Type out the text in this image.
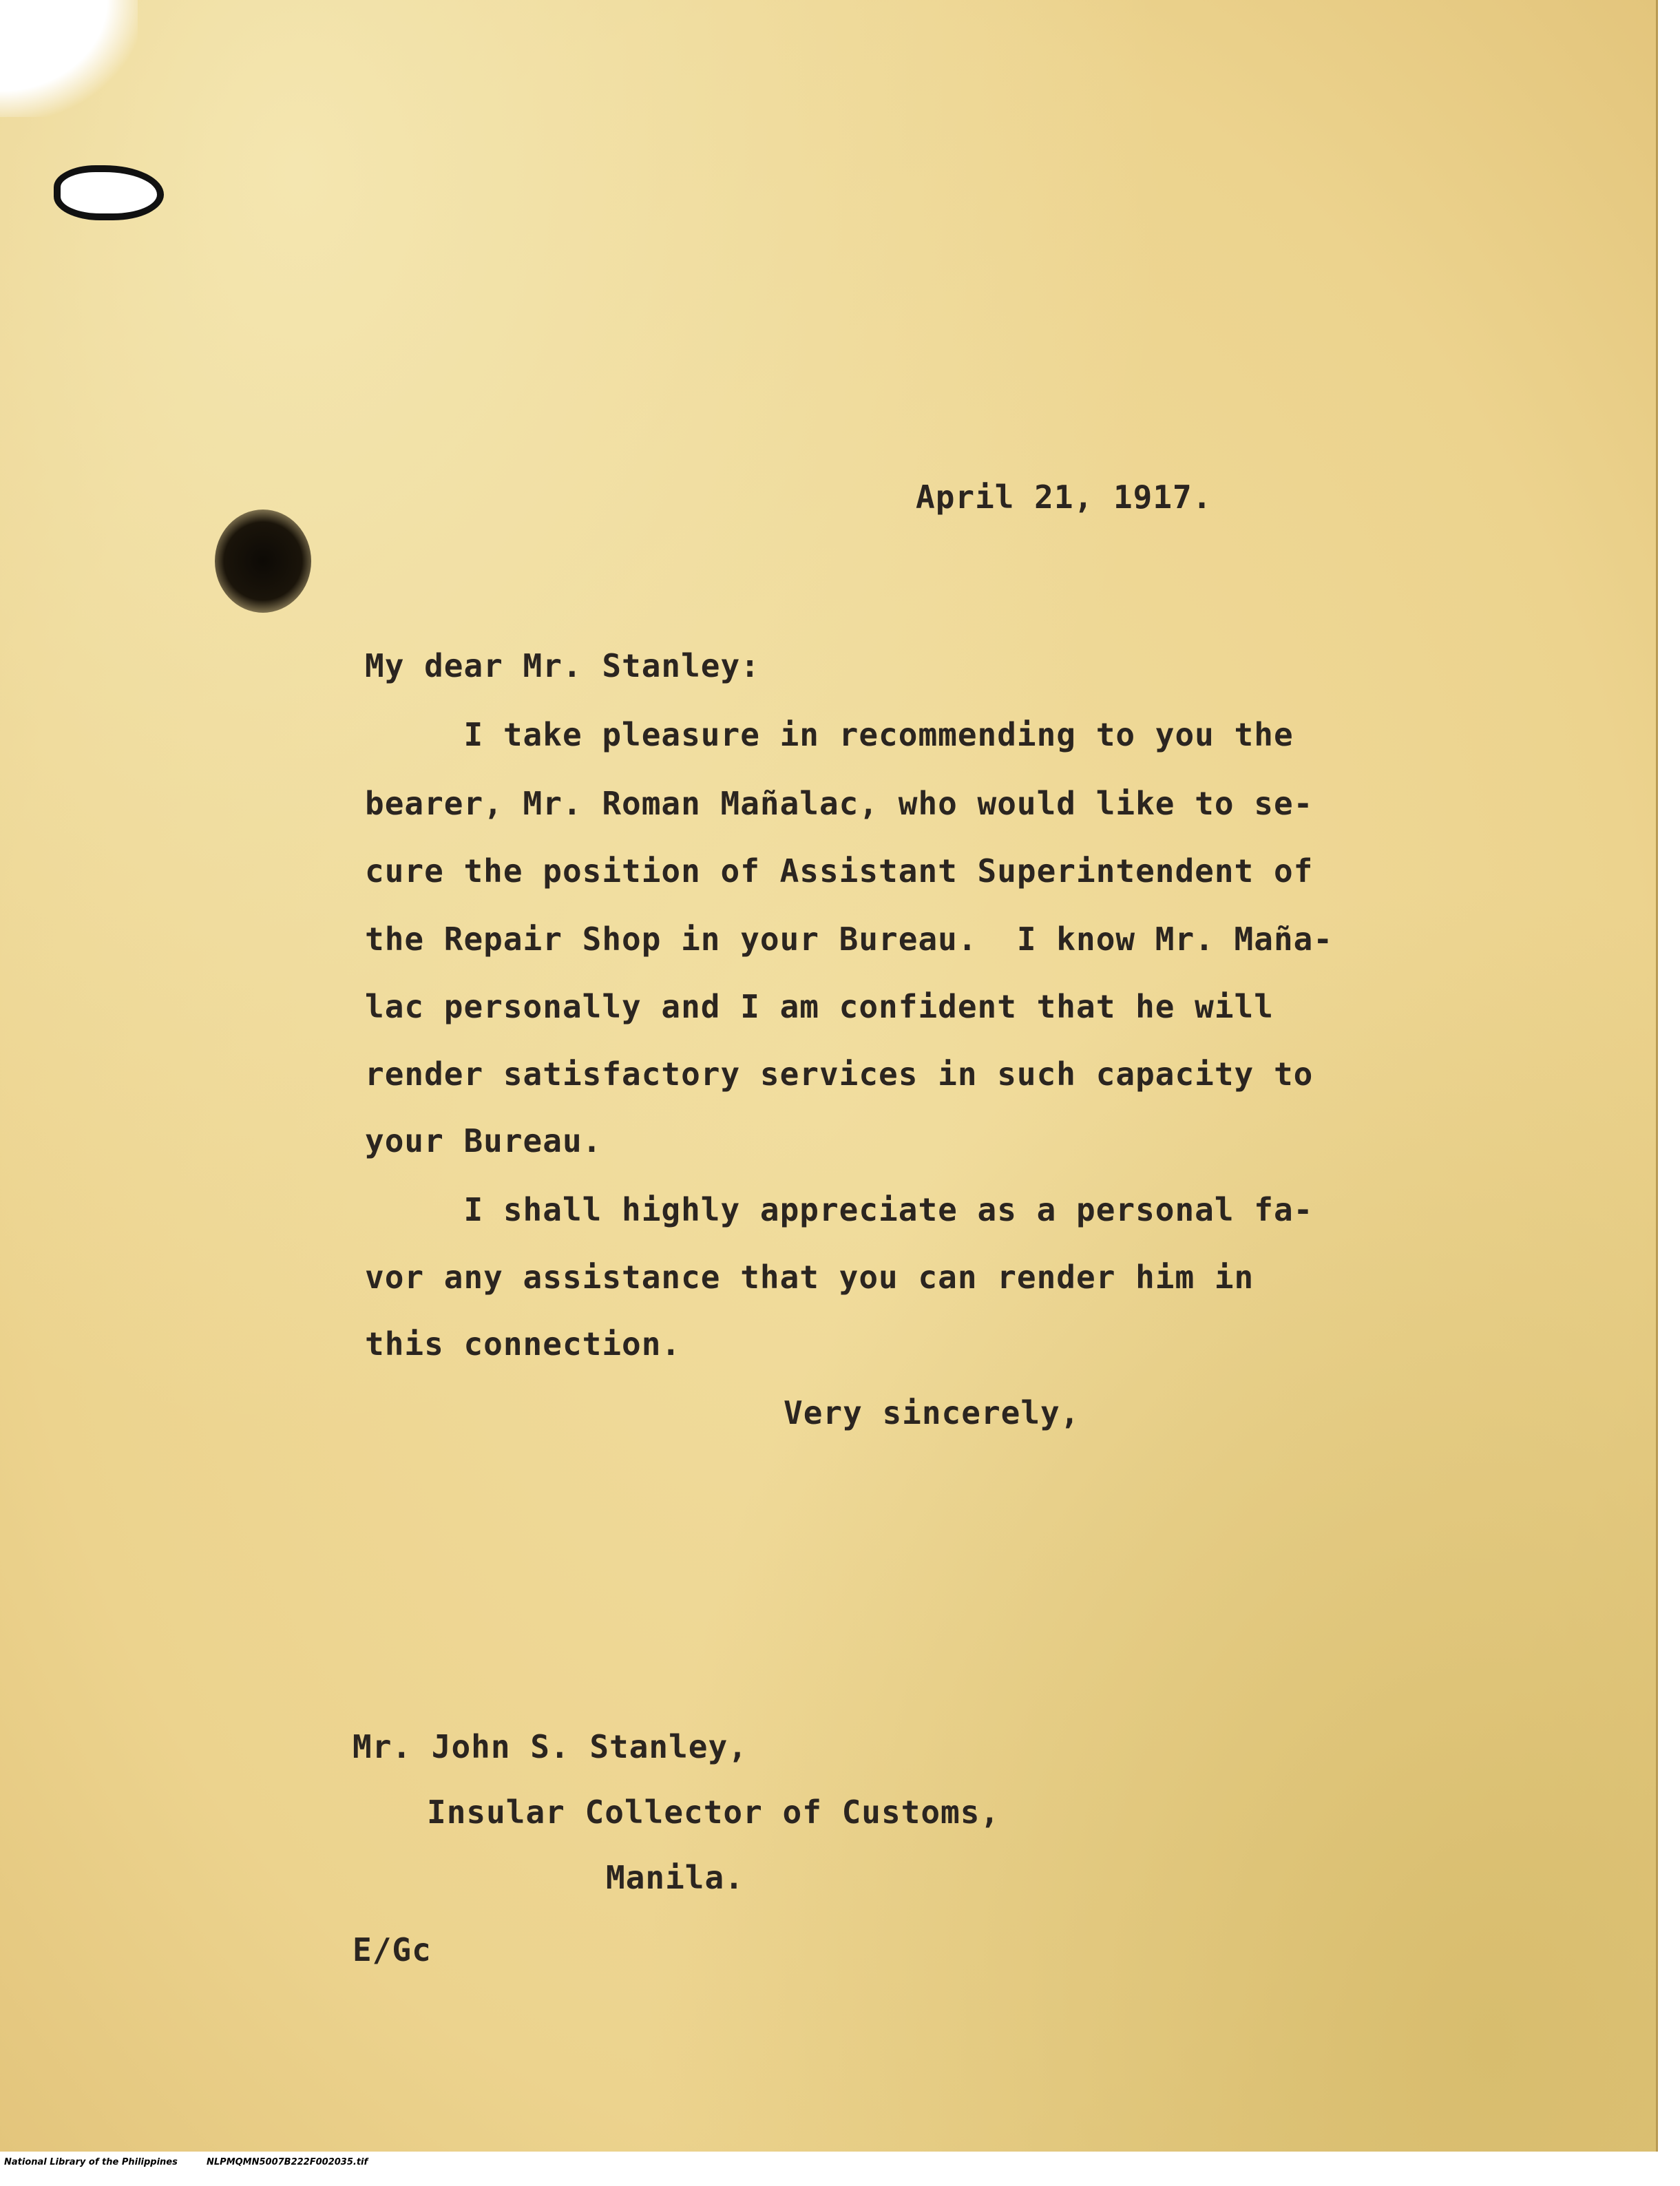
April 21, 1917.
My dear Mr. Stanley:
I take pleasure in recommending to you the
bearer, Mr. Roman Mañalac, who would like to se-
cure the position of Assistant Superintendent of
the Repair Shop in your Bureau.  I know Mr. Maña-
lac personally and I am confident that he will
render satisfactory services in such capacity to
your Bureau.
I shall highly appreciate as a personal fa-
vor any assistance that you can render him in
this connection.
Very sincerely,
Mr. John S. Stanley,
Insular Collector of Customs,
Manila.
E/Gc
National Library of the Philippines	NLPMQMN5007B222F002035.tif
